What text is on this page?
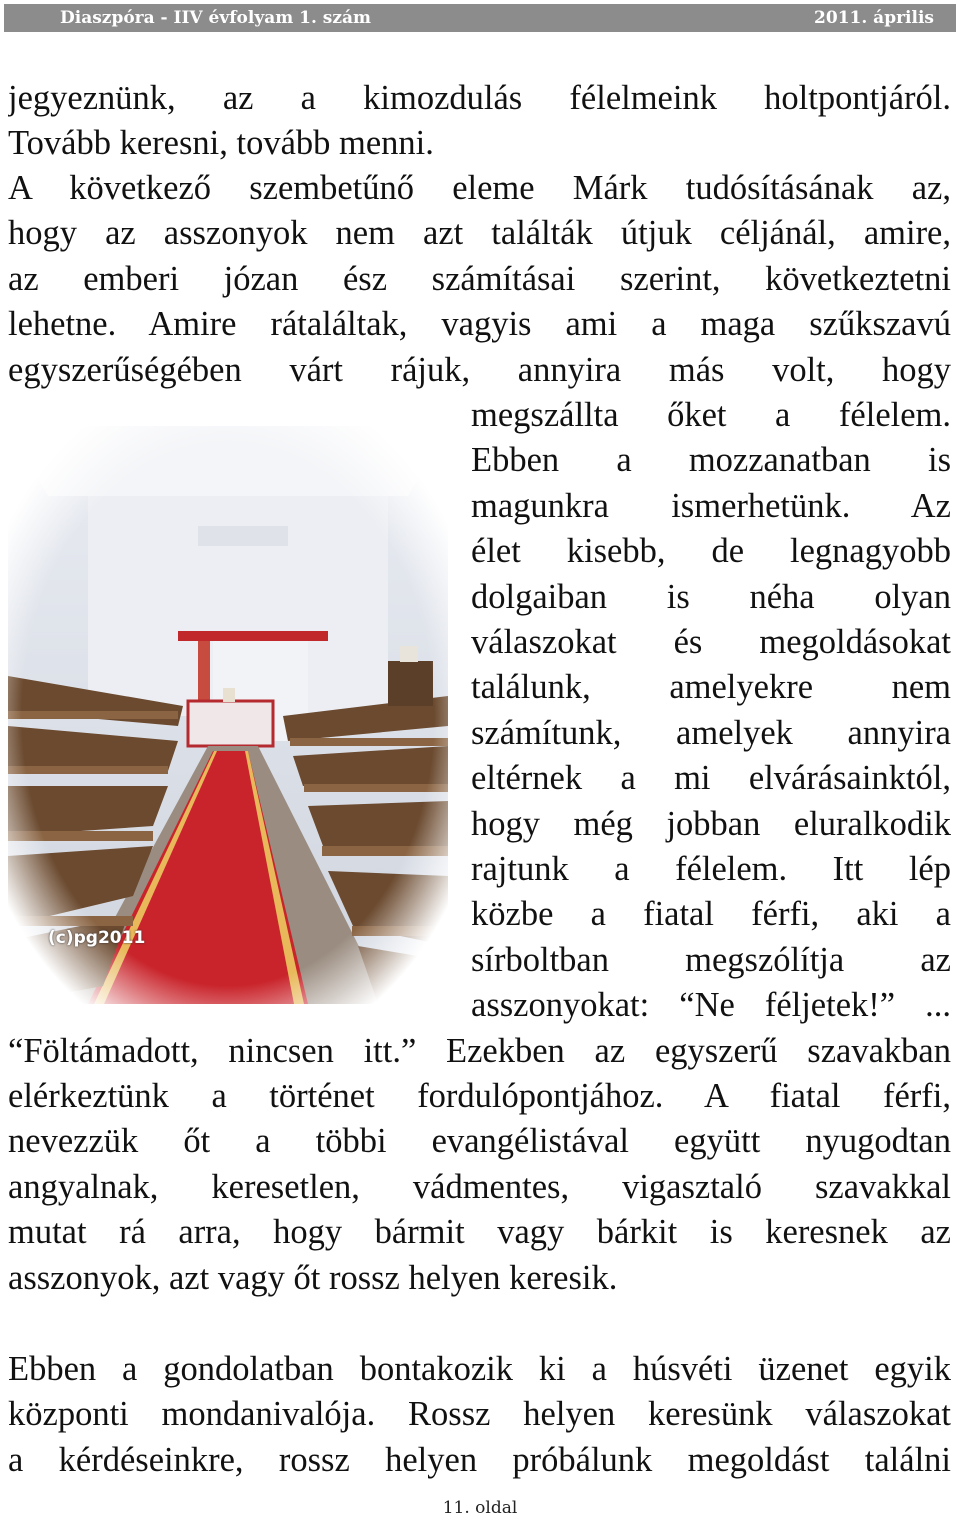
Diaszpóra - IIV évfolyam 1. szám	2011. április
jegyeznünk, az a kimozdulás félelmeink holtpontjáról.
Tovább keresni, tovább menni.
A következő szembetűnő eleme Márk tudósításának az,
hogy az asszonyok nem azt találták útjuk céljánál, amire,
az emberi józan ész számításai szerint, következtetni
lehetne. Amire rátaláltak, vagyis ami a maga szűkszavú
egyszerűségében várt rájuk, annyira más volt, hogy
(c)pg2011
megszállta őket a félelem.
Ebben a mozzanatban is
magunkra ismerhetünk. Az
élet kisebb, de legnagyobb
dolgaiban is néha olyan
válaszokat és megoldásokat
találunk, amelyekre nem
számítunk, amelyek annyira
eltérnek a mi elvárásainktól,
hogy még jobban eluralkodik
rajtunk a félelem. Itt lép
közbe a fiatal férfi, aki a
sírboltban megszólítja az
asszonyokat: “Ne féljetek!” ...
“Föltámadott, nincsen itt.” Ezekben az egyszerű szavakban
elérkeztünk a történet fordulópontjához. A fiatal férfi,
nevezzük őt a többi evangélistával együtt nyugodtan
angyalnak, keresetlen, vádmentes, vigasztaló szavakkal
mutat rá arra, hogy bármit vagy bárkit is keresnek az
asszonyok, azt vagy őt rossz helyen keresik.
Ebben a gondolatban bontakozik ki a húsvéti üzenet egyik
központi mondanivalója. Rossz helyen keresünk válaszokat
a kérdéseinkre, rossz helyen próbálunk megoldást találni
11. oldal
